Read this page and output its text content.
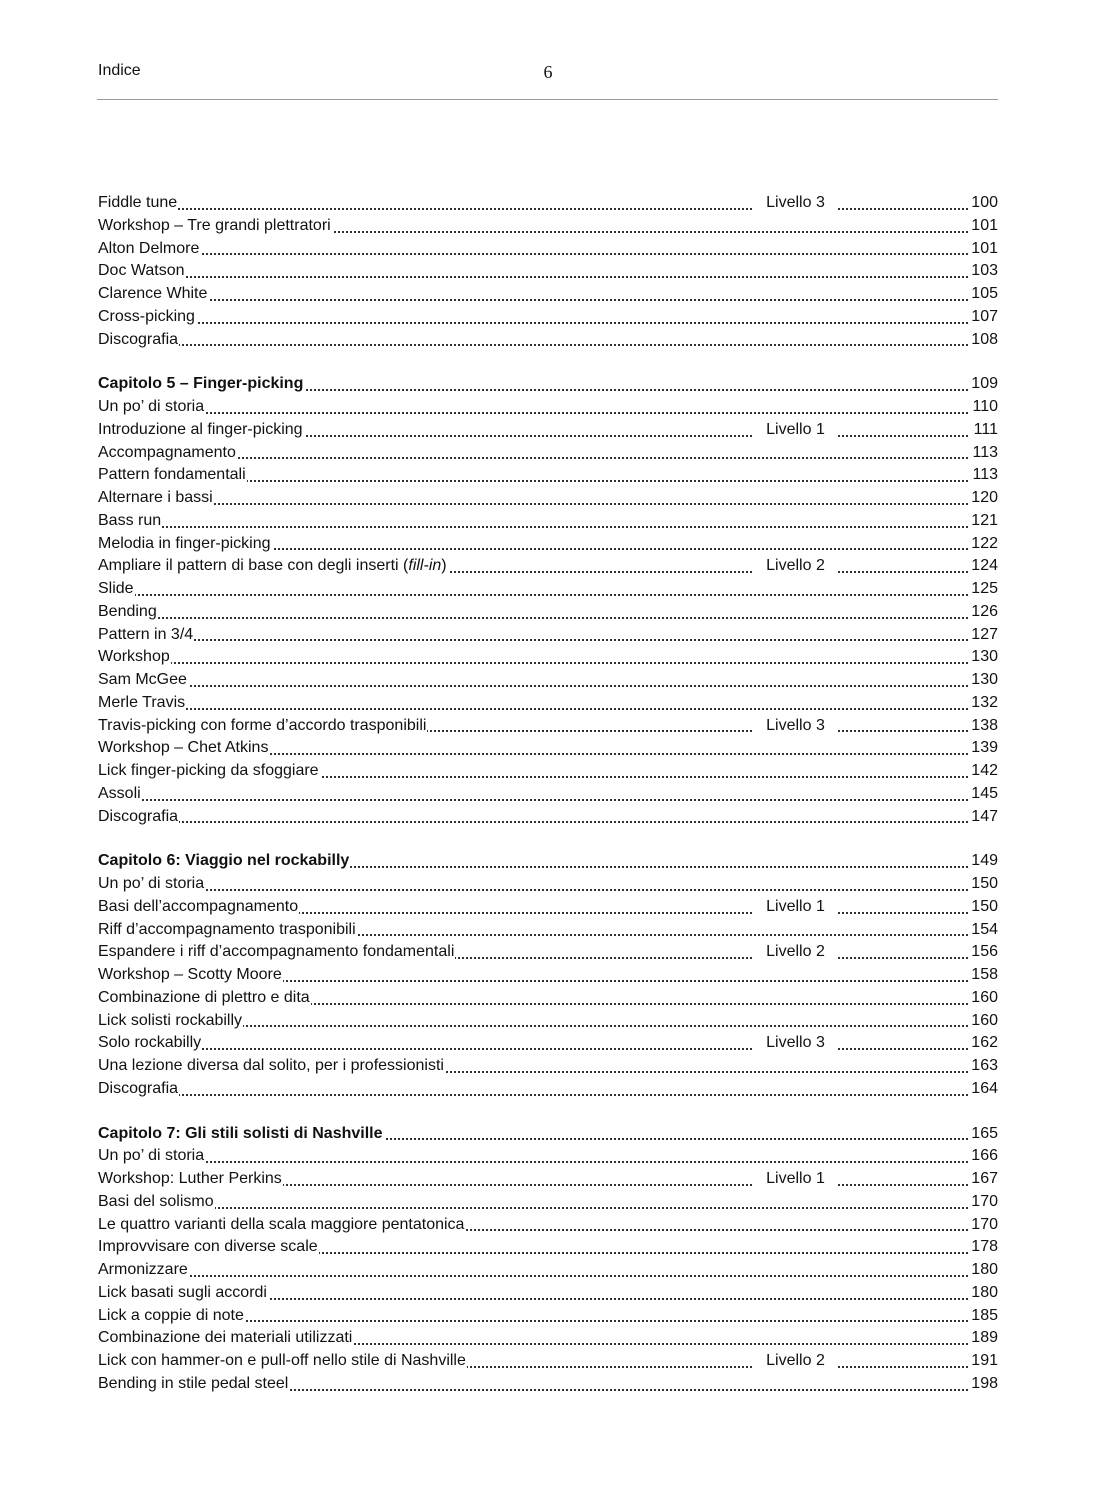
Indice	6
Fiddle tune	Livello 3	100
Workshop – Tre grandi plettratori	101
Alton Delmore	101
Doc Watson	103
Clarence White	105
Cross-picking	107
Discografia	108
Capitolo 5 – Finger-picking	109
Un po’ di storia	110
Introduzione al finger-picking	Livello 1	111
Accompagnamento	113
Pattern fondamentali	113
Alternare i bassi	120
Bass run	121
Melodia in finger-picking	122
Ampliare il pattern di base con degli inserti (fill-in)	Livello 2	124
Slide	125
Bending	126
Pattern in 3/4	127
Workshop	130
Sam McGee	130
Merle Travis	132
Travis-picking con forme d’accordo trasponibili	Livello 3	138
Workshop – Chet Atkins	139
Lick finger-picking da sfoggiare	142
Assoli	145
Discografia	147
Capitolo 6: Viaggio nel rockabilly	149
Un po’ di storia	150
Basi dell’accompagnamento	Livello 1	150
Riff d’accompagnamento trasponibili	154
Espandere i riff d’accompagnamento fondamentali	Livello 2	156
Workshop – Scotty Moore	158
Combinazione di plettro e dita	160
Lick solisti rockabilly	160
Solo rockabilly	Livello 3	162
Una lezione diversa dal solito, per i professionisti	163
Discografia	164
Capitolo 7: Gli stili solisti di Nashville	165
Un po’ di storia	166
Workshop: Luther Perkins	Livello 1	167
Basi del solismo	170
Le quattro varianti della scala maggiore pentatonica	170
Improvvisare con diverse scale	178
Armonizzare	180
Lick basati sugli accordi	180
Lick a coppie di note	185
Combinazione dei materiali utilizzati	189
Lick con hammer-on e pull-off nello stile di Nashville	Livello 2	191
Bending in stile pedal steel	198
